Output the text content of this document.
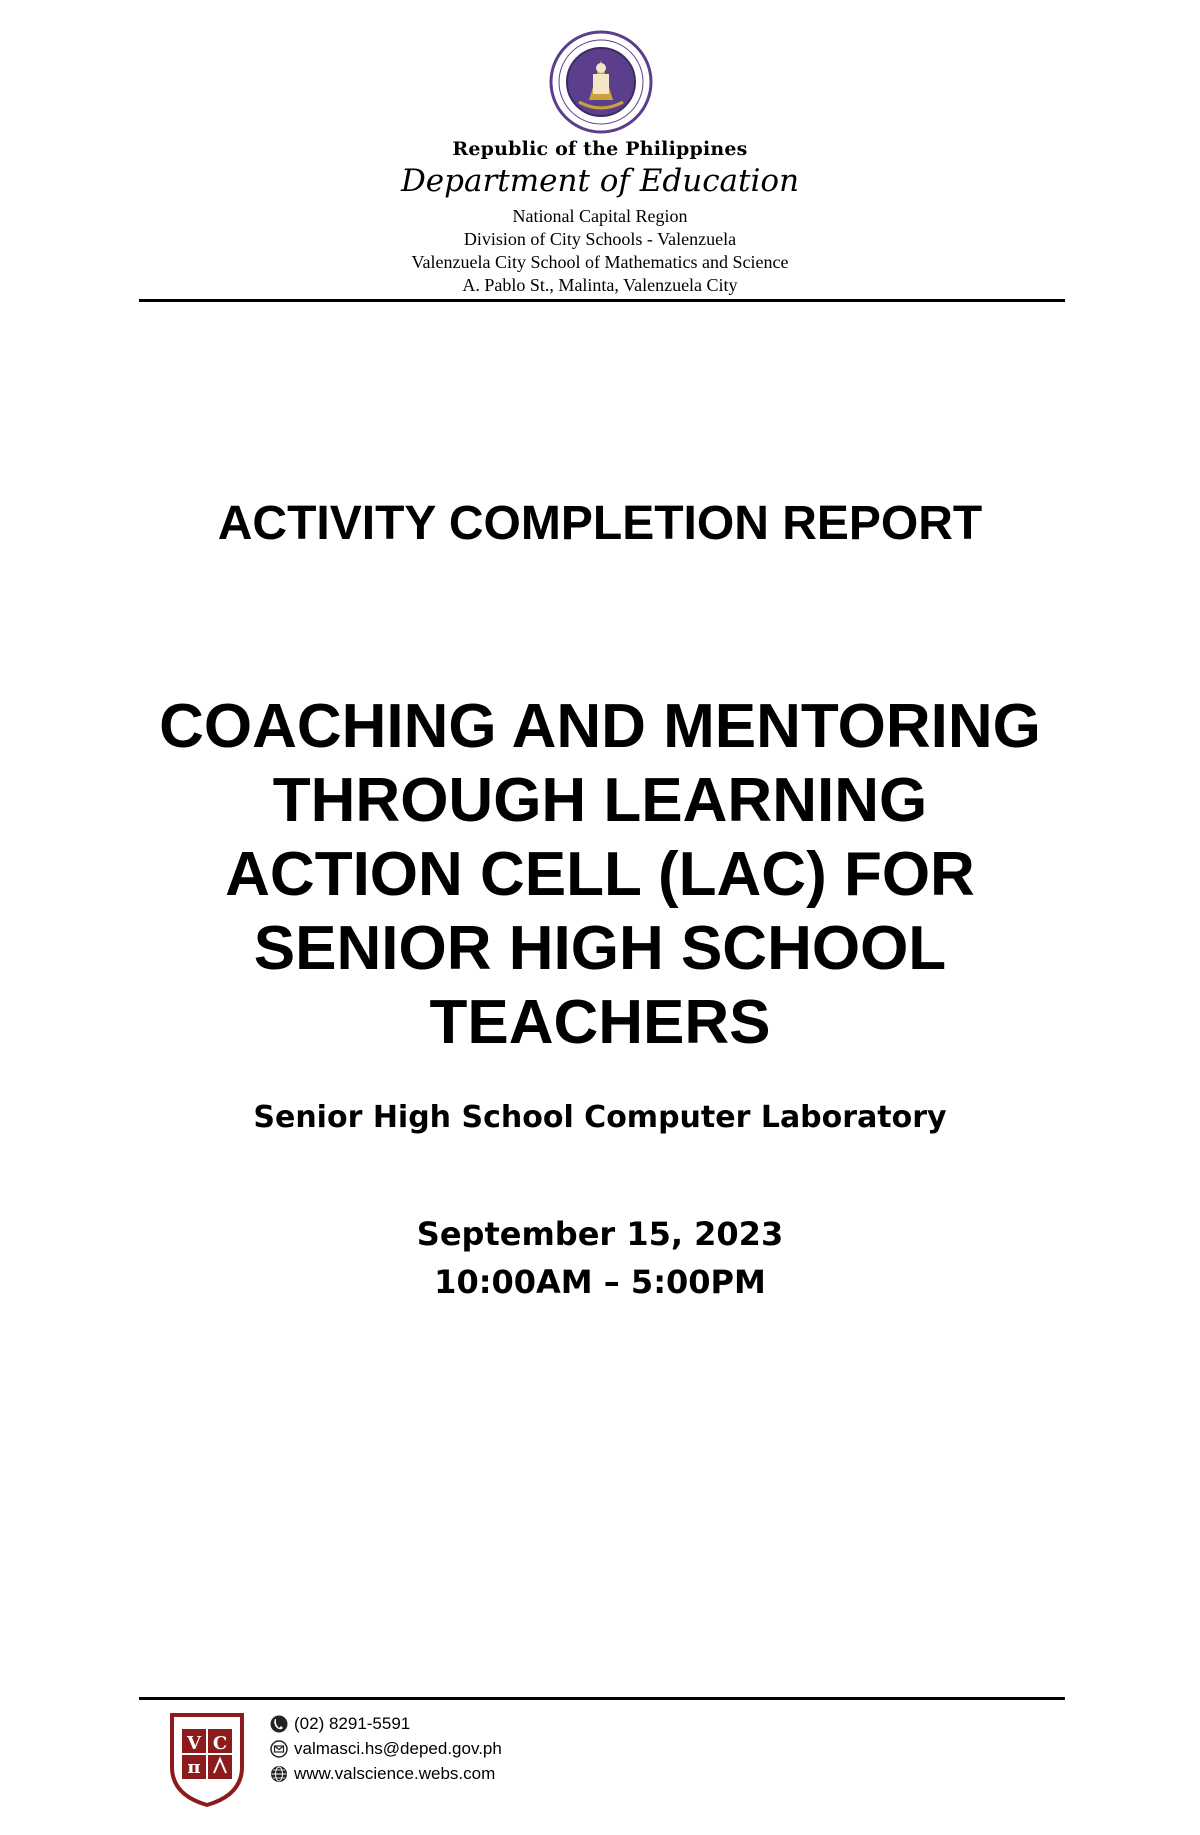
Republic of the Philippines
Department of Education
National Capital Region
Division of City Schools - Valenzuela
Valenzuela City School of Mathematics and Science
A. Pablo St., Malinta, Valenzuela City
ACTIVITY COMPLETION REPORT
COACHING AND MENTORING
THROUGH LEARNING
ACTION CELL (LAC) FOR
SENIOR HIGH SCHOOL
TEACHERS
Senior High School Computer Laboratory
September 15, 2023
10:00AM – 5:00PM
V C
π
(02) 8291-5591
valmasci.hs@deped.gov.ph
www.valscience.webs.com
